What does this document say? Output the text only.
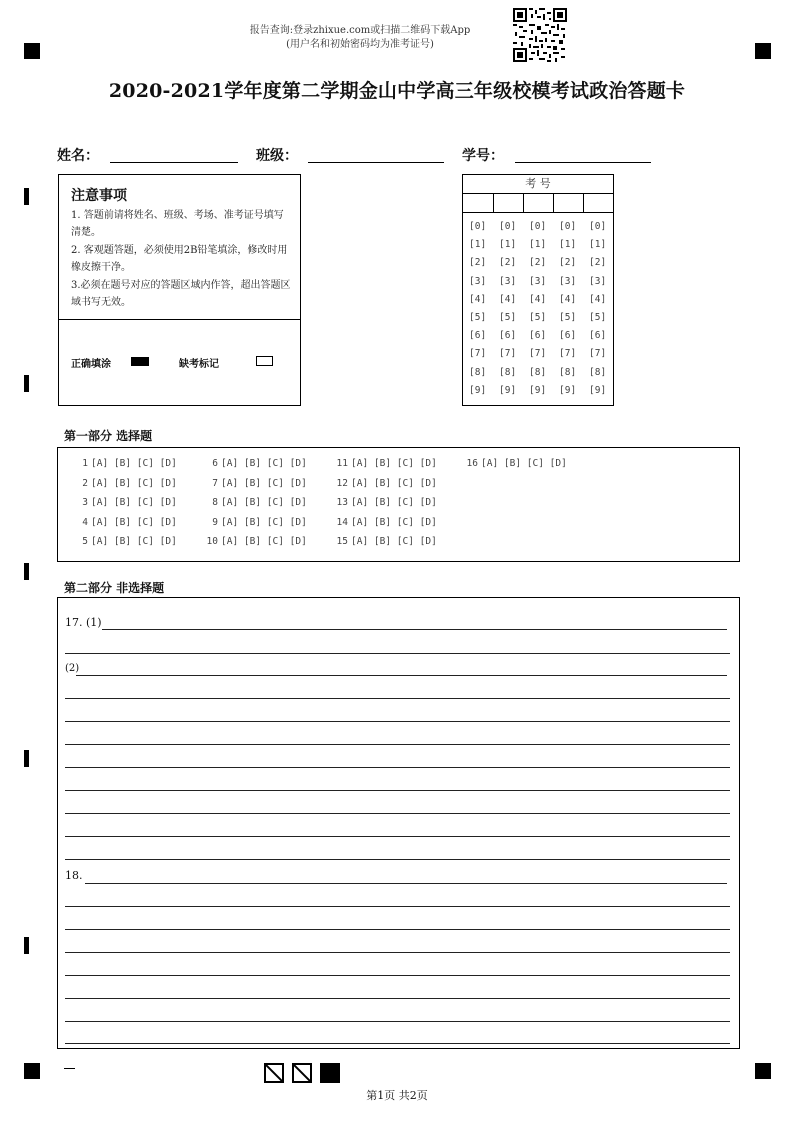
报告查询:登录zhixue.com或扫描二维码下载App
(用户名和初始密码均为准考证号)
2020-2021学年度第二学期金山中学高三年级校模考试政治答题卡
姓名：	班级：	学号：
注意事项
1. 答题前请将姓名、班级、考场、准考证号填写清楚。
2. 客观题答题，必须使用2B铅笔填涂，修改时用橡皮擦干净。
3.必须在题号对应的答题区域内作答，超出答题区域书写无效。
正确填涂	缺考标记
考 号
[0] [0] [0] [0] [0]
[1] [1] [1] [1] [1]
[2] [2] [2] [2] [2]
[3] [3] [3] [3] [3]
[4] [4] [4] [4] [4]
[5] [5] [5] [5] [5]
[6] [6] [6] [6] [6]
[7] [7] [7] [7] [7]
[8] [8] [8] [8] [8]
[9] [9] [9] [9] [9]
第一部分 选择题
1 [A] [B] [C] [D]
2 [A] [B] [C] [D]
3 [A] [B] [C] [D]
4 [A] [B] [C] [D]
5 [A] [B] [C] [D]
6 [A] [B] [C] [D]
7 [A] [B] [C] [D]
8 [A] [B] [C] [D]
9 [A] [B] [C] [D]
10 [A] [B] [C] [D]
11 [A] [B] [C] [D]
12 [A] [B] [C] [D]
13 [A] [B] [C] [D]
14 [A] [B] [C] [D]
15 [A] [B] [C] [D]
16 [A] [B] [C] [D]
第二部分 非选择题
17. (1)
(2)
18.
第1页 共2页
